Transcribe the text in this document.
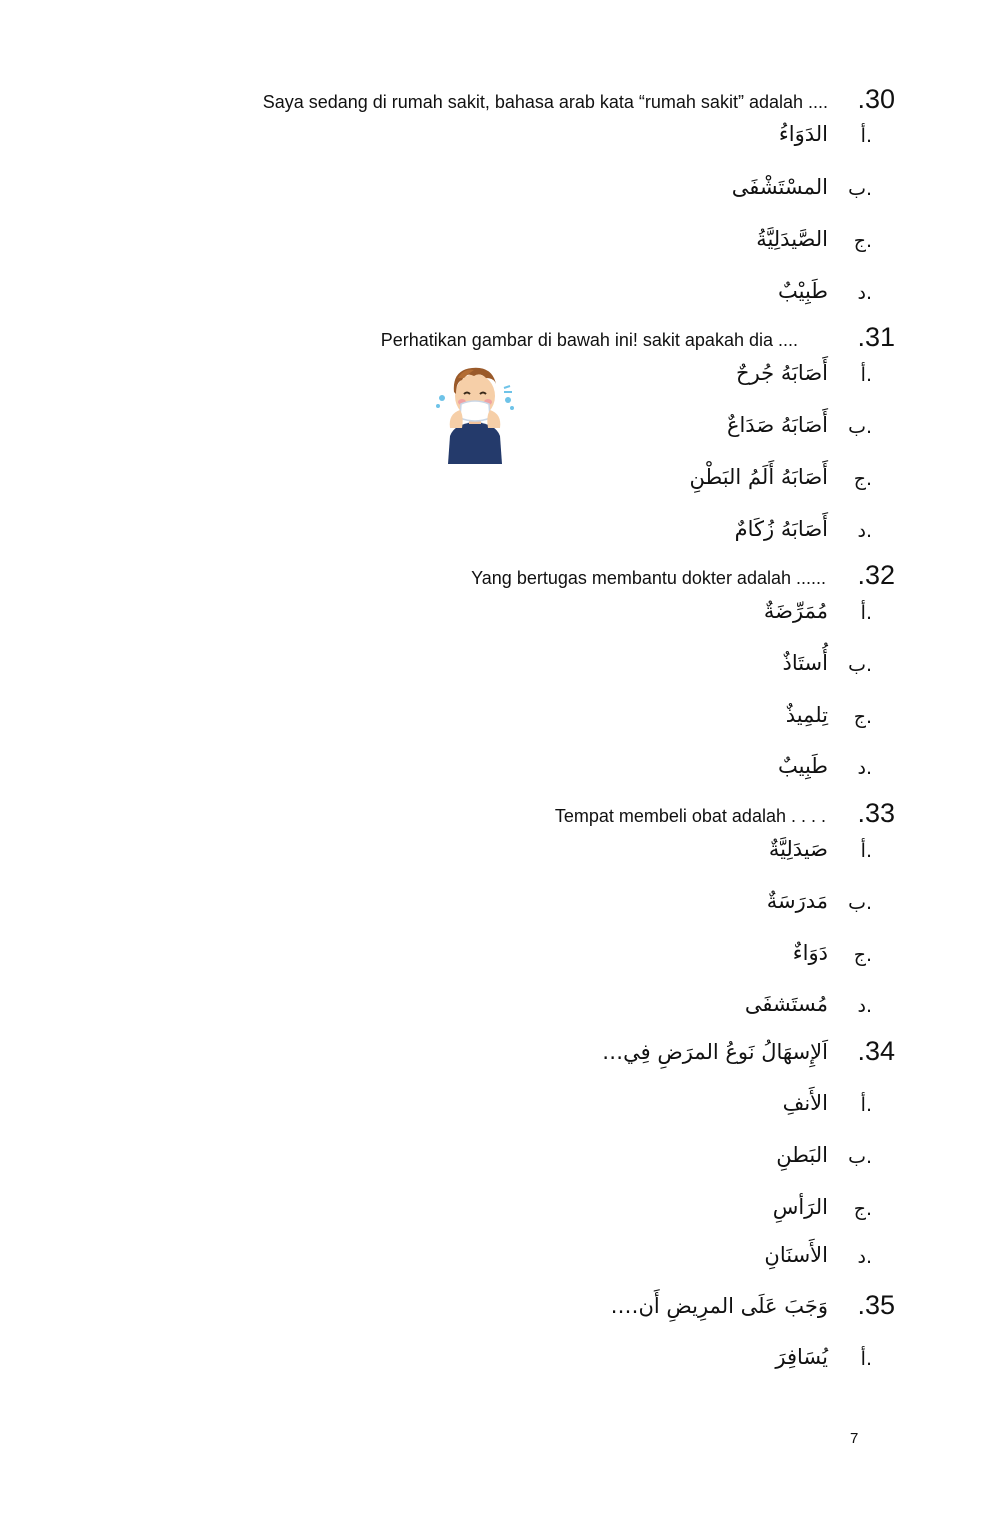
.30
Saya sedang di rumah sakit, bahasa arab kata “rumah sakit” adalah ....
أ.
الدَوَاءُ
ب.
المسْتَشْفَى
ج.
الصَّيدَلِيَّةُ
د.
طَبِيْبٌ
.31
Perhatikan gambar di bawah ini! sakit apakah dia ....
أ.
أَصَابَهُ جُرحٌ
ب.
أَصَابَهُ صَدَاعٌ
ج.
أَصَابَهُ أَلَمُ البَطْنِ
د.
أَصَابَهُ زُكَامٌ
.32
Yang bertugas membantu dokter adalah ......
أ.
مُمَرِّضَةٌ
ب.
أُستَاذٌ
ج.
تِلمِيذٌ
د.
طَبِيبٌ
.33
Tempat membeli obat adalah . . . .
أ.
صَيدَلِيَّةٌ
ب.
مَدرَسَةٌ
ج.
دَوَاءٌ
د.
مُستَشفَى
.34
اَلإِسهَالُ نَوعُ المرَضِ فِي…
أ.
الأَنفِ
ب.
البَطنِ
ج.
الرَأسِ
د.
الأَسنَانِ
.35
وَجَبَ عَلَى المرِيضِ أَن….
أ.
يُسَافِرَ
7
